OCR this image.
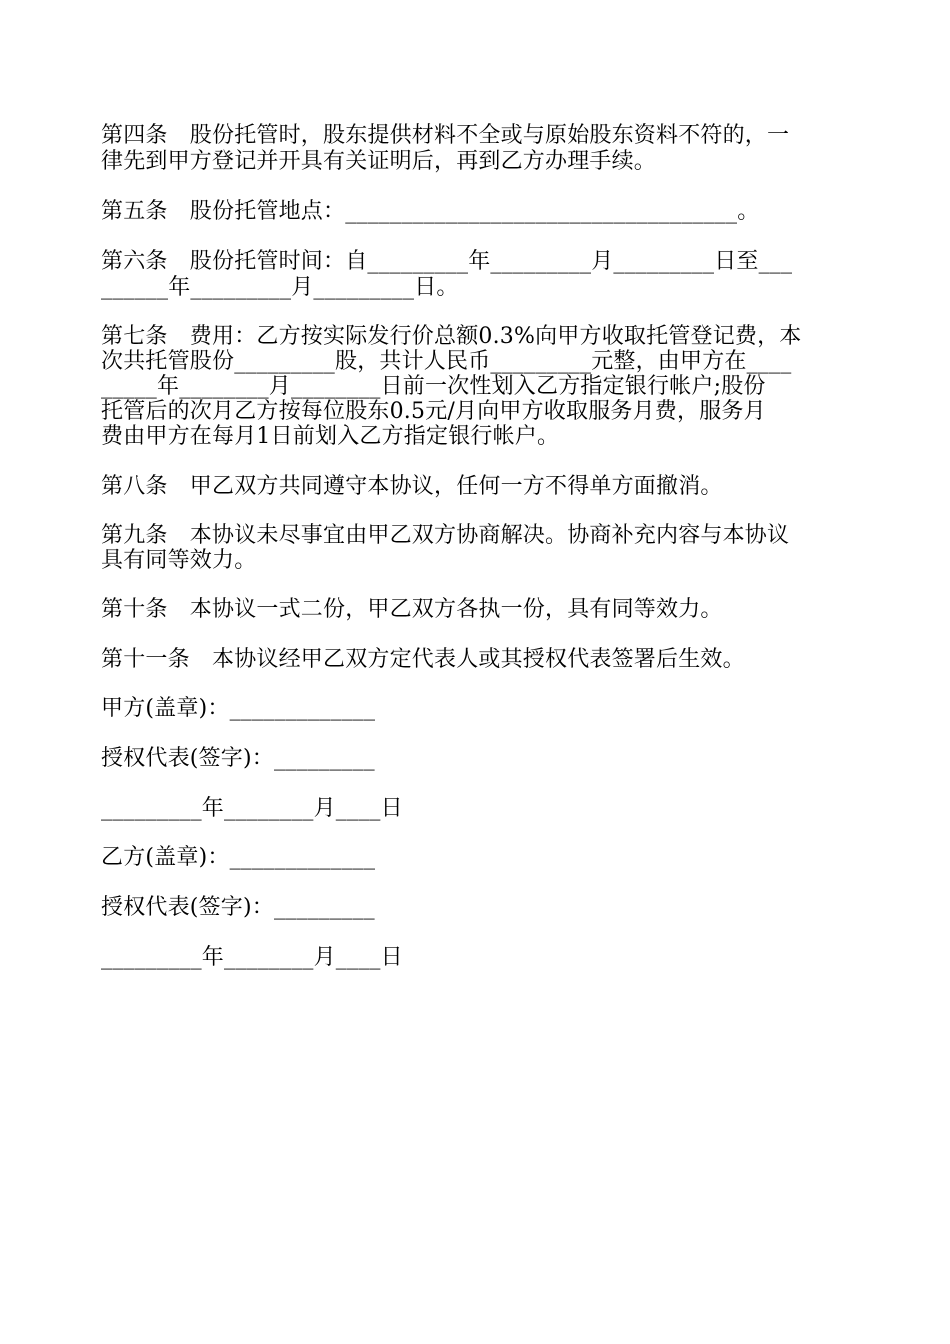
第四条　股份托管时，股东提供材料不全或与原始股东资料不符的，一
律先到甲方登记并开具有关证明后，再到乙方办理手续。
第五条　股份托管地点：___________________________________。
第六条　股份托管时间：自_________年_________月_________日至___
______年_________月_________日。
第七条　费用：乙方按实际发行价总额0.3%向甲方收取托管登记费，本
次共托管股份_________股，共计人民币_________元整，由甲方在____
_____年________月________日前一次性划入乙方指定银行帐户;股份
托管后的次月乙方按每位股东0.5元/月向甲方收取服务月费，服务月
费由甲方在每月1日前划入乙方指定银行帐户。
第八条　甲乙双方共同遵守本协议，任何一方不得单方面撤消。
第九条　本协议未尽事宜由甲乙双方协商解决。协商补充内容与本协议
具有同等效力。
第十条　本协议一式二份，甲乙双方各执一份，具有同等效力。
第十一条　本协议经甲乙双方定代表人或其授权代表签署后生效。
甲方(盖章)：_____________
授权代表(签字)：_________
_________年________月____日
乙方(盖章)：_____________
授权代表(签字)：_________
_________年________月____日
